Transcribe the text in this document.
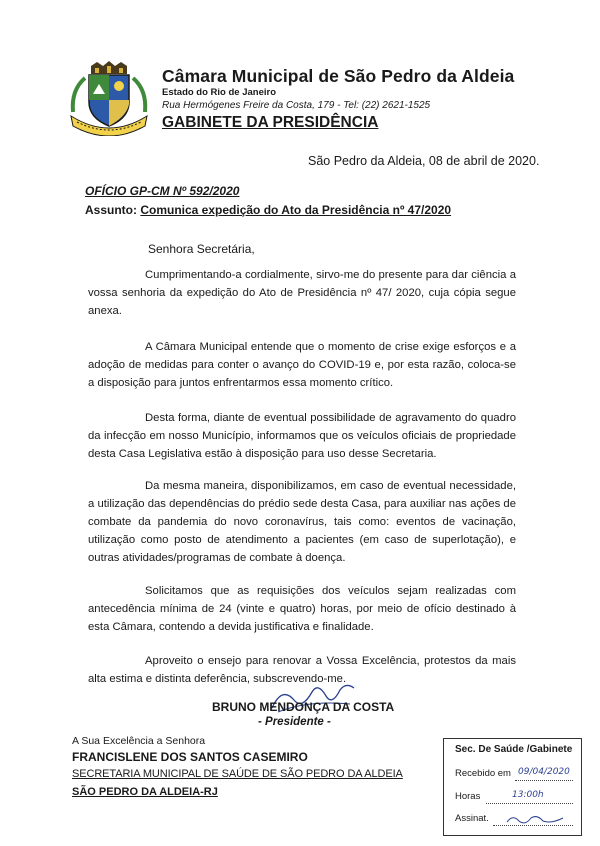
Câmara Municipal de São Pedro da Aldeia
Estado do Rio de Janeiro
Rua Hermógenes Freire da Costa, 179 - Tel: (22) 2621-1525
GABINETE DA PRESIDÊNCIA
São Pedro da Aldeia, 08 de abril de 2020.
OFÍCIO GP-CM Nº 592/2020
Assunto: Comunica expedição do Ato da Presidência nº 47/2020
Senhora Secretária,

Cumprimentando-a cordialmente, sirvo-me do presente para dar ciência a vossa senhoria da expedição do Ato de Presidência nº 47/ 2020, cuja cópia segue anexa.

A Câmara Municipal entende que o momento de crise exige esforços e a adoção de medidas para conter o avanço do COVID-19 e, por esta razão, coloca-se a disposição para juntos enfrentarmos essa momento crítico.

Desta forma, diante de eventual possibilidade de agravamento do quadro da infecção em nosso Município, informamos que os veículos oficiais de propriedade desta Casa Legislativa estão à disposição para uso desse Secretaria.

Da mesma maneira, disponibilizamos, em caso de eventual necessidade, a utilização das dependências do prédio sede desta Casa, para auxiliar nas ações de combate da pandemia do novo coronavírus, tais como: eventos de vacinação, utilização como posto de atendimento a pacientes (em caso de superlotação), e outras atividades/programas de combate à doença.

Solicitamos que as requisições dos veículos sejam realizadas com antecedência mínima de 24 (vinte e quatro) horas, por meio de ofício destinado à esta Câmara, contendo a devida justificativa e finalidade.

Aproveito o ensejo para renovar a Vossa Excelência, protestos da mais alta estima e distinta deferência, subscrevendo-me.

BRUNO MENDONÇA DA COSTA
- Presidente -
A Sua Excelência a Senhora
FRANCISLENE DOS SANTOS CASEMIRO
SECRETARIA MUNICIPAL DE SAÚDE DE SÃO PEDRO DA ALDEIA
SÃO PEDRO DA ALDEIA-RJ
Sec. De Saúde /Gabinete
Recebido em 09/04/2020
Horas	13:00h
Assinat.
